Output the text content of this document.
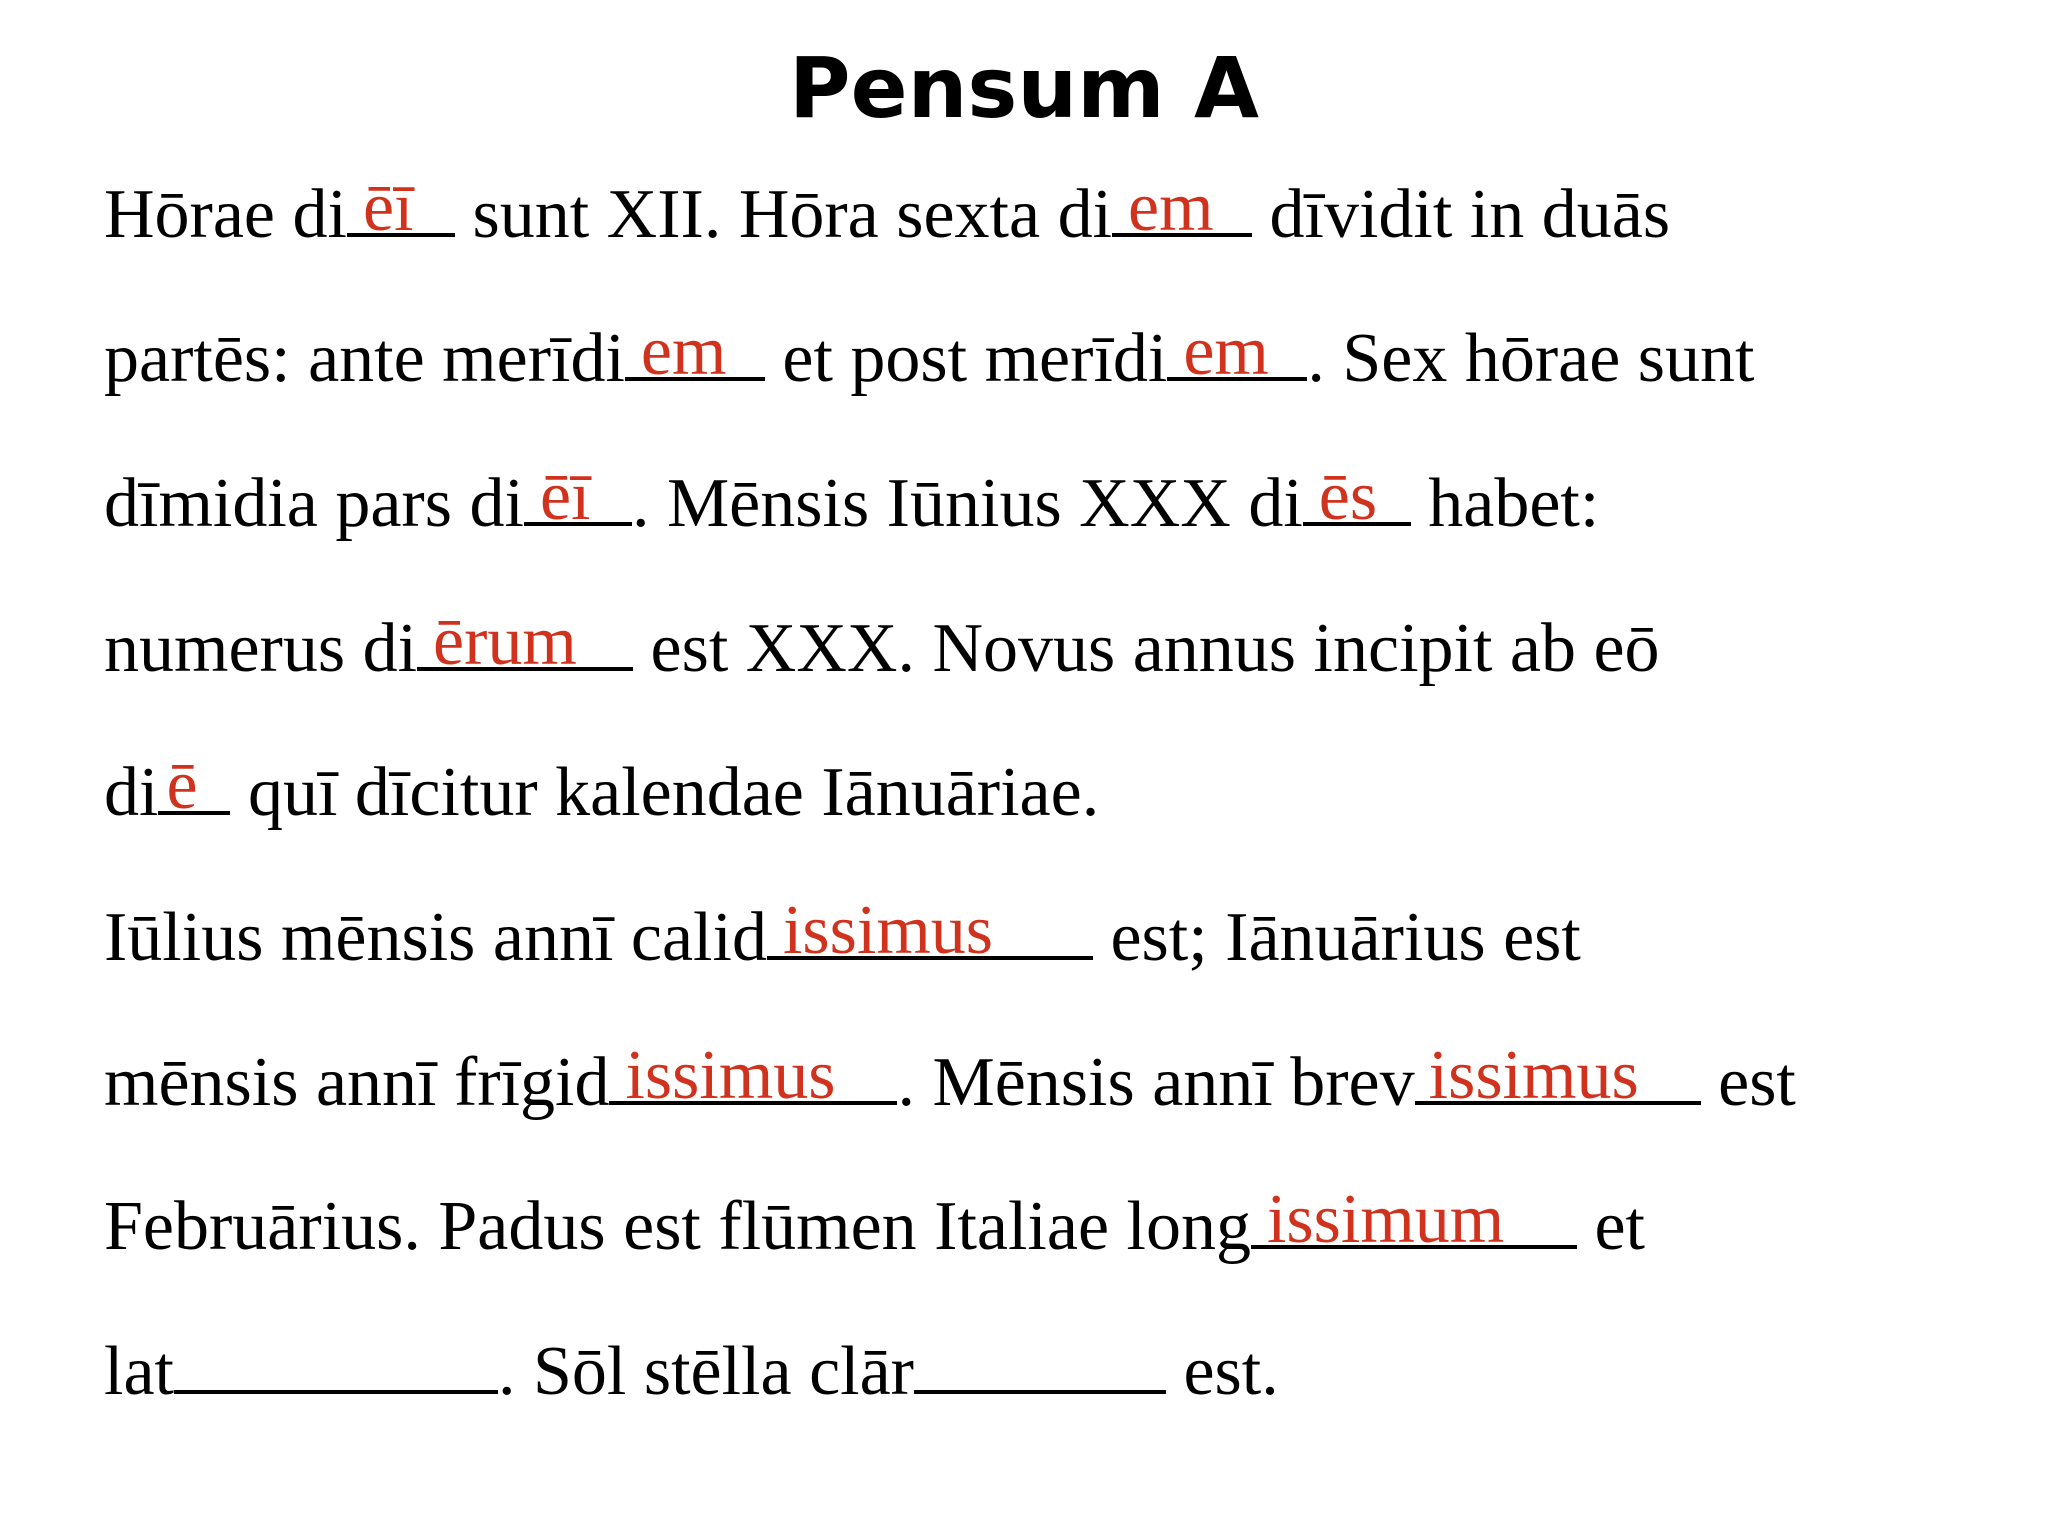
Pensum A
Hōrae di ēī sunt XII. Hōra sexta di em dīvidit in duās
partēs: ante merīdi em et post merīdi em . Sex hōrae sunt
dīmidia pars di ēī . Mēnsis Iūnius XXX di ēs habet:
numerus di ērum est XXX. Novus annus incipit ab eō
di ē quī dīcitur kalendae Iānuāriae.
Iūlius mēnsis annī calid issimus est; Iānuārius est
mēnsis annī frīgid issimus . Mēnsis annī brev issimus est
Februārius. Padus est flūmen Italiae long issimum et
lat	. Sōl stēlla clār	est.
